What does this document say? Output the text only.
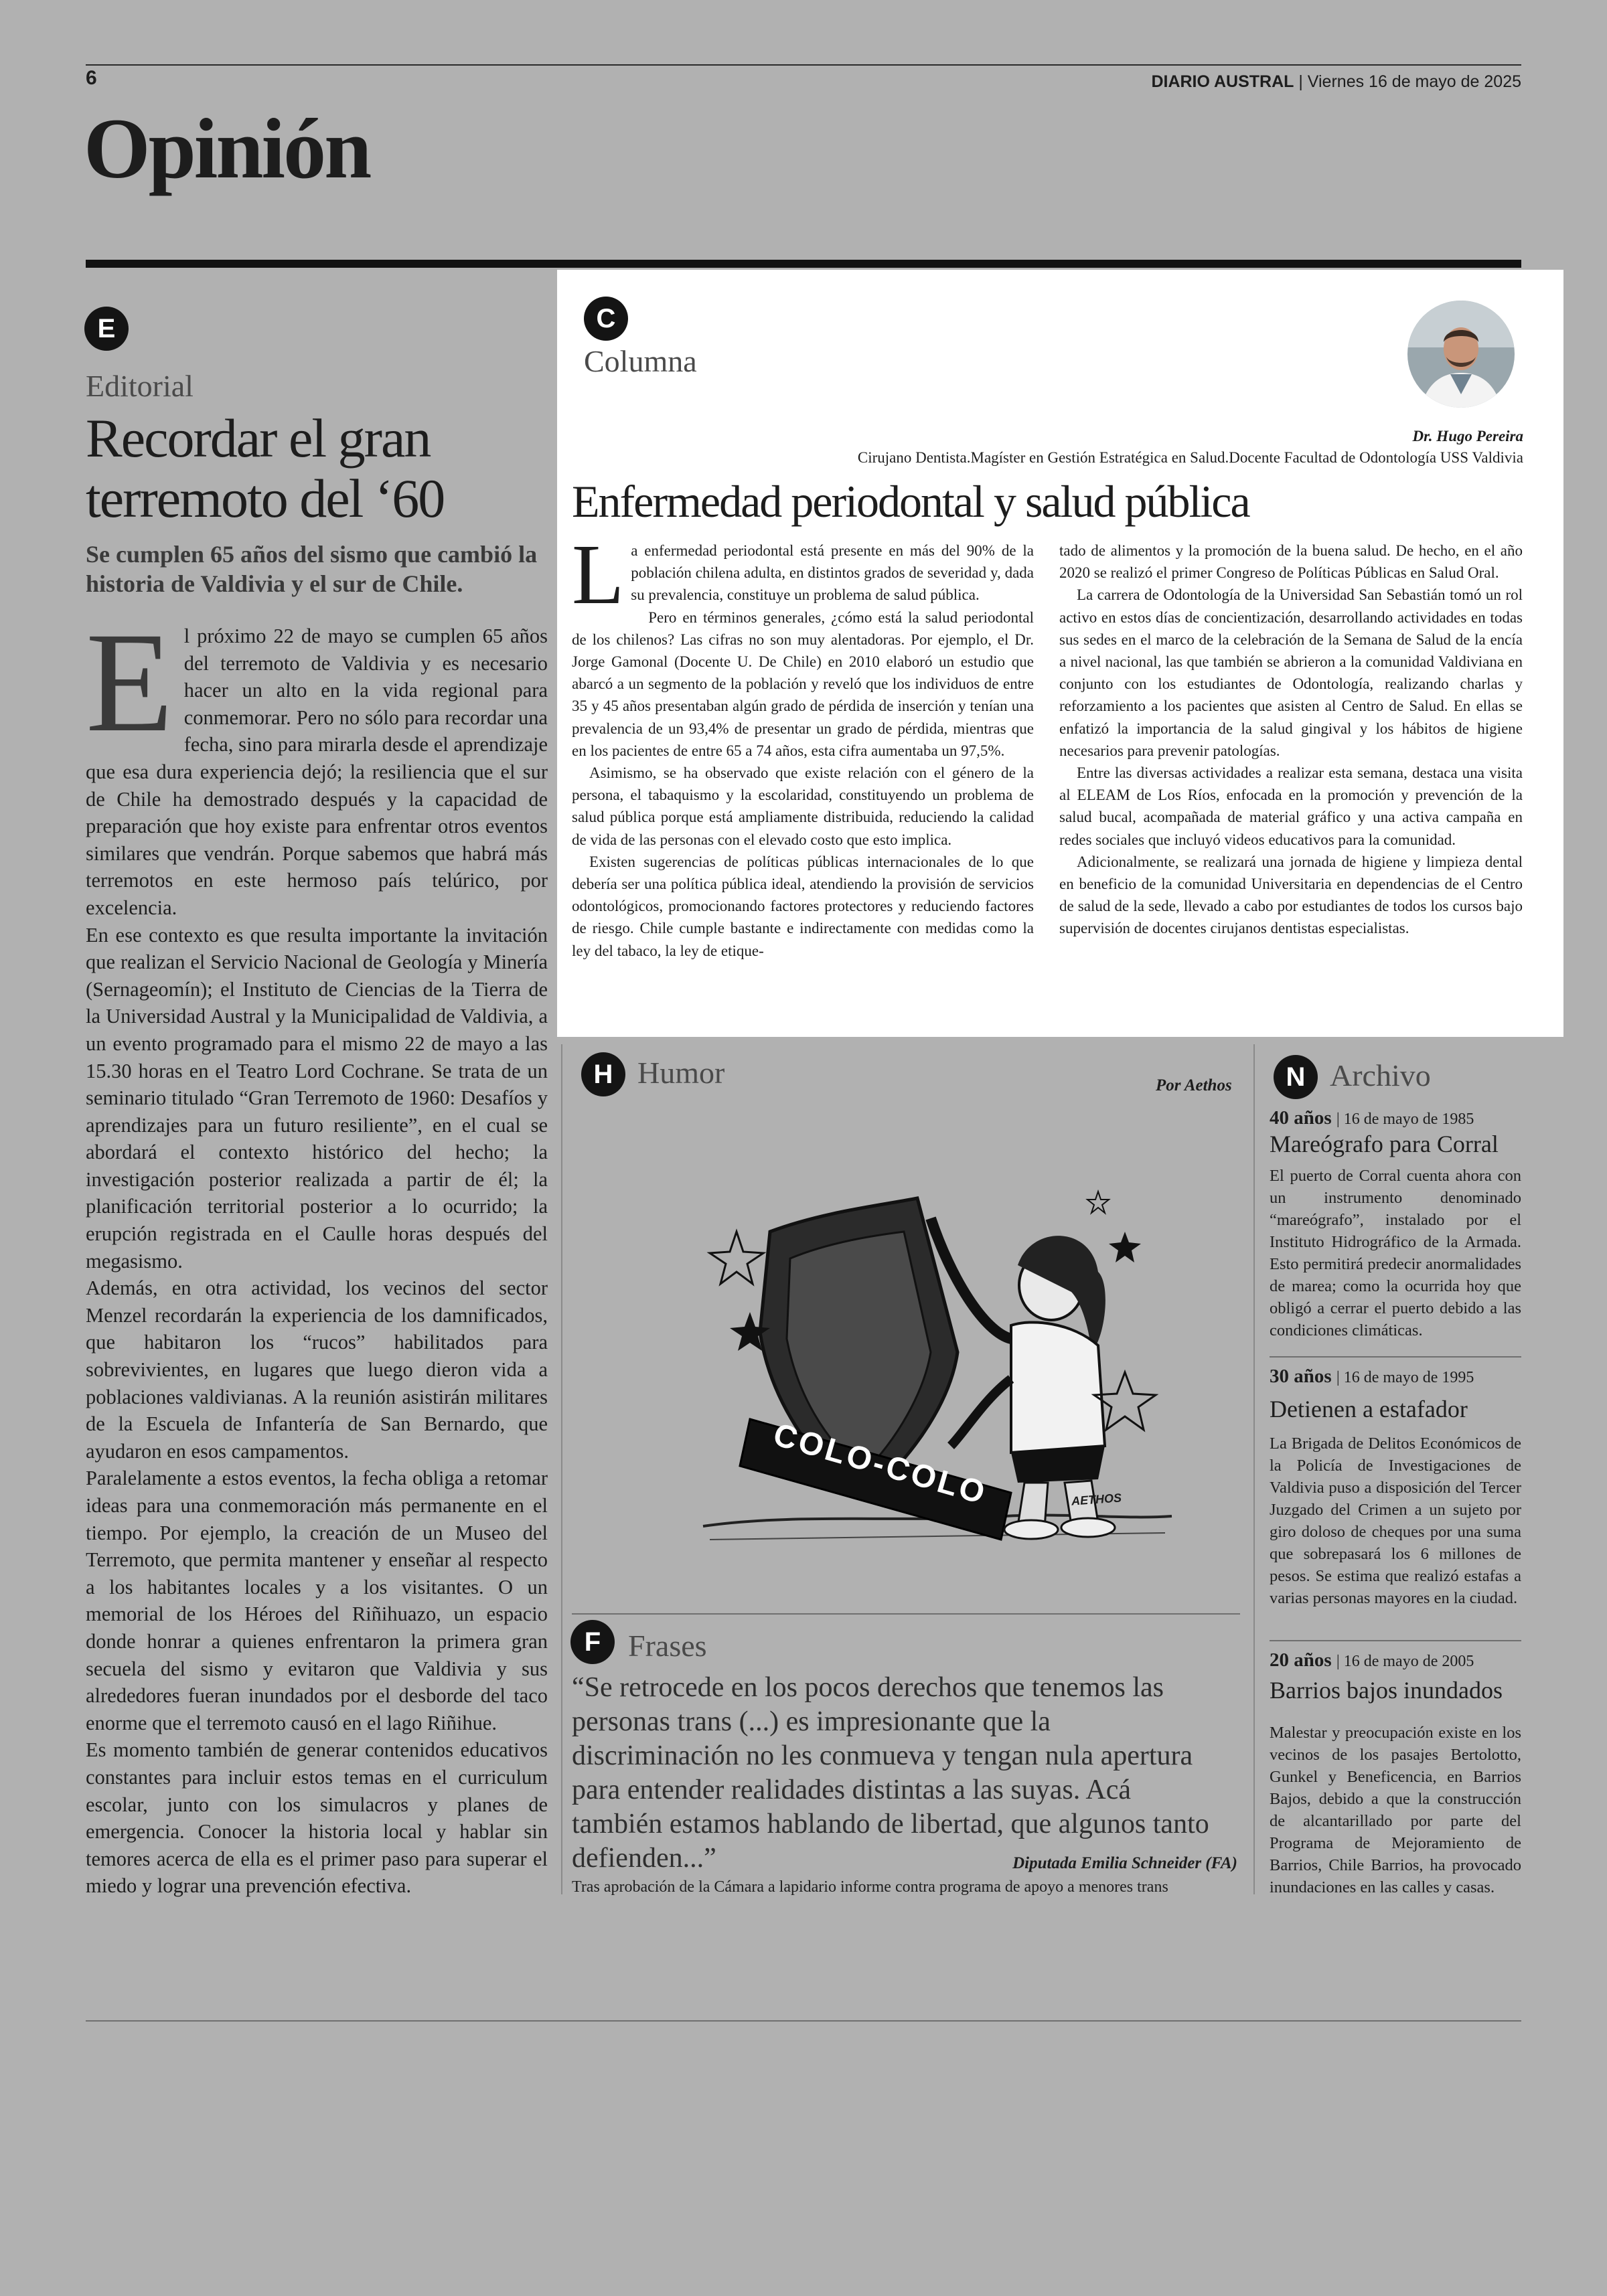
6	DIARIO AUSTRAL | Viernes 16 de mayo de 2025
Opinión
E
Editorial
Recordar el gran
terremoto del ‘60
Se cumplen 65 años del sismo que cambió la historia de Valdivia y el sur de Chile.

El próximo 22 de mayo se cumplen 65 años del terremoto de Valdivia y es necesario hacer un alto en la vida regional para conmemorar. Pero no sólo para recordar una fecha, sino para mirarla desde el aprendizaje que esa dura experiencia dejó; la resiliencia que el sur de Chile ha demostrado después y la capacidad de preparación que hoy existe para enfrentar otros eventos similares que vendrán. Porque sabemos que habrá más terremotos en este hermoso país telúrico, por excelencia.

En ese contexto es que resulta importante la invitación que realizan el Servicio Nacional de Geología y Minería (Sernageomín); el Instituto de Ciencias de la Tierra de la Universidad Austral y la Municipalidad de Valdivia, a un evento programado para el mismo 22 de mayo a las 15.30 horas en el Teatro Lord Cochrane. Se trata de un seminario titulado “Gran Terremoto de 1960: Desafíos y aprendizajes para un futuro resiliente”, en el cual se abordará el contexto histórico del hecho; la investigación posterior realizada a partir de él; la planificación territorial posterior a lo ocurrido; la erupción registrada en el Caulle horas después del megasismo.

Además, en otra actividad, los vecinos del sector Menzel recordarán la experiencia de los damnificados, que habitaron los “rucos” habilitados para sobrevivientes, en lugares que luego dieron vida a poblaciones valdivianas. A la reunión asistirán militares de la Escuela de Infantería de San Bernardo, que ayudaron en esos campamentos.

Paralelamente a estos eventos, la fecha obliga a retomar ideas para una conmemoración más permanente en el tiempo. Por ejemplo, la creación de un Museo del Terremoto, que permita mantener y enseñar al respecto a los habitantes locales y a los visitantes. O un memorial de los Héroes del Riñihuazo, un espacio donde honrar a quienes enfrentaron la primera gran secuela del sismo y evitaron que Valdivia y sus alrededores fueran inundados por el desborde del taco enorme que el terremoto causó en el lago Riñihue.

Es momento también de generar contenidos educativos constantes para incluir estos temas en el curriculum escolar, junto con los simulacros y planes de emergencia. Conocer la historia local y hablar sin temores acerca de ella es el primer paso para superar el miedo y lograr una prevención efectiva.

C
Columna
Dr. Hugo Pereira
Cirujano Dentista.Magíster en Gestión Estratégica en Salud.Docente Facultad de Odontología USS Valdivia
Enfermedad periodontal y salud pública

La enfermedad periodontal está presente en más del 90% de la población chilena adulta, en distintos grados de severidad y, dada su prevalencia, constituye un problema de salud pública.

Pero en términos generales, ¿cómo está la salud periodontal de los chilenos? Las cifras no son muy alentadoras. Por ejemplo, el Dr. Jorge Gamonal (Docente U. De Chile) en 2010 elaboró un estudio que abarcó a un segmento de la población y reveló que los individuos de entre 35 y 45 años presentaban algún grado de pérdida de inserción y tenían una prevalencia de un 93,4% de presentar un grado de pérdida, mientras que en los pacientes de entre 65 a 74 años, esta cifra aumentaba un 97,5%.

Asimismo, se ha observado que existe relación con el género de la persona, el tabaquismo y la escolaridad, constituyendo un problema de salud pública porque está ampliamente distribuida, reduciendo la calidad de vida de las personas con el elevado costo que esto implica.

Existen sugerencias de políticas públicas internacionales de lo que debería ser una política pública ideal, atendiendo la provisión de servicios odontológicos, promocionando factores protectores y reduciendo factores de riesgo. Chile cumple bastante e indirectamente con medidas como la ley del tabaco, la ley de etique-

tado de alimentos y la promoción de la buena salud. De hecho, en el año 2020 se realizó el primer Congreso de Políticas Públicas en Salud Oral.

La carrera de Odontología de la Universidad San Sebastián tomó un rol activo en estos días de concientización, desarrollando actividades en todas sus sedes en el marco de la celebración de la Semana de Salud de la encía a nivel nacional, las que también se abrieron a la comunidad Valdiviana en conjunto con los estudiantes de Odontología, realizando charlas y reforzamiento a los pacientes que asisten al Centro de Salud. En ellas se enfatizó la importancia de la salud gingival y los hábitos de higiene necesarios para prevenir patologías.

Entre las diversas actividades a realizar esta semana, destaca una visita al ELEAM de Los Ríos, enfocada en la promoción y prevención de la salud bucal, acompañada de material gráfico y una activa campaña en redes sociales que incluyó videos educativos para la comunidad.

Adicionalmente, se realizará una jornada de higiene y limpieza dental en beneficio de la comunidad Universitaria en dependencias de el Centro de salud de la sede, llevado a cabo por estudiantes de todos los cursos bajo supervisión de docentes cirujanos dentistas especialistas.

H Humor	Por Aethos
COLO-COLO	AETHOS
F Frases
“Se retrocede en los pocos derechos que tenemos las personas trans (...) es impresionante que la discriminación no les conmueva y tengan nula apertura para entender realidades distintas a las suyas. Acá también estamos hablando de libertad, que algunos tanto defienden...”	Diputada Emilia Schneider (FA)
Tras aprobación de la Cámara a lapidario informe contra programa de apoyo a menores trans
N Archivo
40 años | 16 de mayo de 1985
Mareógrafo para Corral
El puerto de Corral cuenta ahora con un instrumento denominado “mareógrafo”, instalado por el Instituto Hidrográfico de la Armada. Esto permitirá predecir anormalidades de marea; como la ocurrida hoy que obligó a cerrar el puerto debido a las condiciones climáticas.
30 años | 16 de mayo de 1995
Detienen a estafador
La Brigada de Delitos Económicos de la Policía de Investigaciones de Valdivia puso a disposición del Tercer Juzgado del Crimen a un sujeto por giro doloso de cheques por una suma que sobrepasará los 6 millones de pesos. Se estima que realizó estafas a varias personas mayores en la ciudad.
20 años | 16 de mayo de 2005
Barrios bajos inundados
Malestar y preocupación existe en los vecinos de los pasajes Bertolotto, Gunkel y Beneficencia, en Barrios Bajos, debido a que la construcción de alcantarillado por parte del Programa de Mejoramiento de Barrios, Chile Barrios, ha provocado inundaciones en las calles y casas.
